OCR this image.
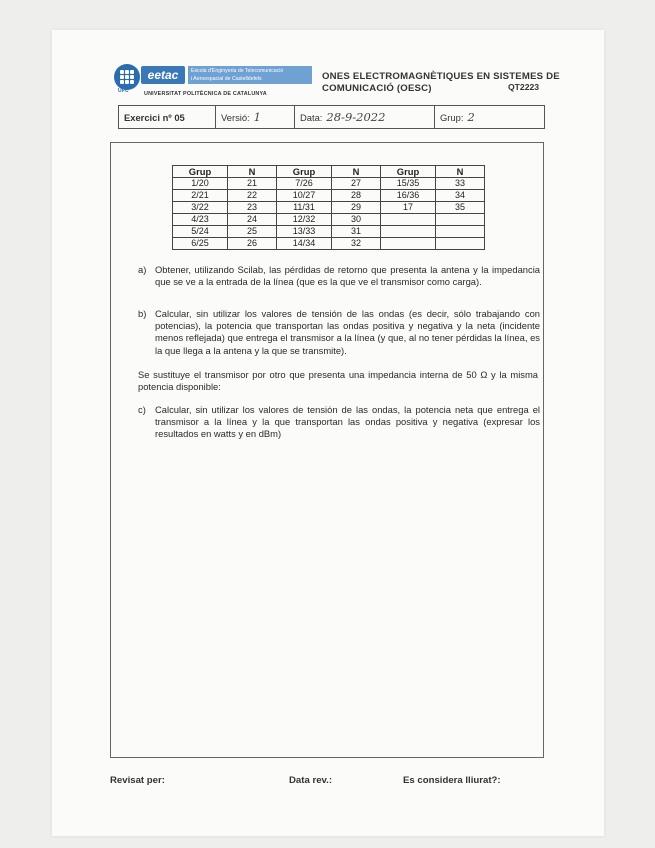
UPC
eetac	Escola d'Enginyeria de Telecomunicació
i Aeroespacial de Castelldefels
UNIVERSITAT POLITÈCNICA DE CATALUNYA
ONES ELECTROMAGNÈTIQUES EN SISTEMES DE
COMUNICACIÓ (OESC)	QT2223
Exercici nº 05	Versió: 1	Data: 28-9-2022	Grup: 2
Grup	N	Grup	N	Grup	N
1/20	21	7/26	27	15/35	33
2/21	22	10/27	28	16/36	34
3/22	23	11/31	29	17	35
4/23	24	12/32	30		
5/24	25	13/33	31		
6/25	26	14/34	32		
a) Obtener, utilizando Scilab, las pérdidas de retorno que presenta la antena y la impedancia que se ve a la entrada de la línea (que es la que ve el transmisor como carga).
b) Calcular, sin utilizar los valores de tensión de las ondas (es decir, sólo trabajando con potencias), la potencia que transportan las ondas positiva y negativa y la neta (incidente menos reflejada) que entrega el transmisor a la línea (y que, al no tener pérdidas la línea, es la que llega a la antena y la que se transmite).
Se sustituye el transmisor por otro que presenta una impedancia interna de 50 Ω y la misma potencia disponible:
c) Calcular, sin utilizar los valores de tensión de las ondas, la potencia neta que entrega el transmisor a la línea y la que transportan las ondas positiva y negativa (expresar los resultados en watts y en dBm)
Revisat per:	Data rev.:	Es considera lliurat?:
